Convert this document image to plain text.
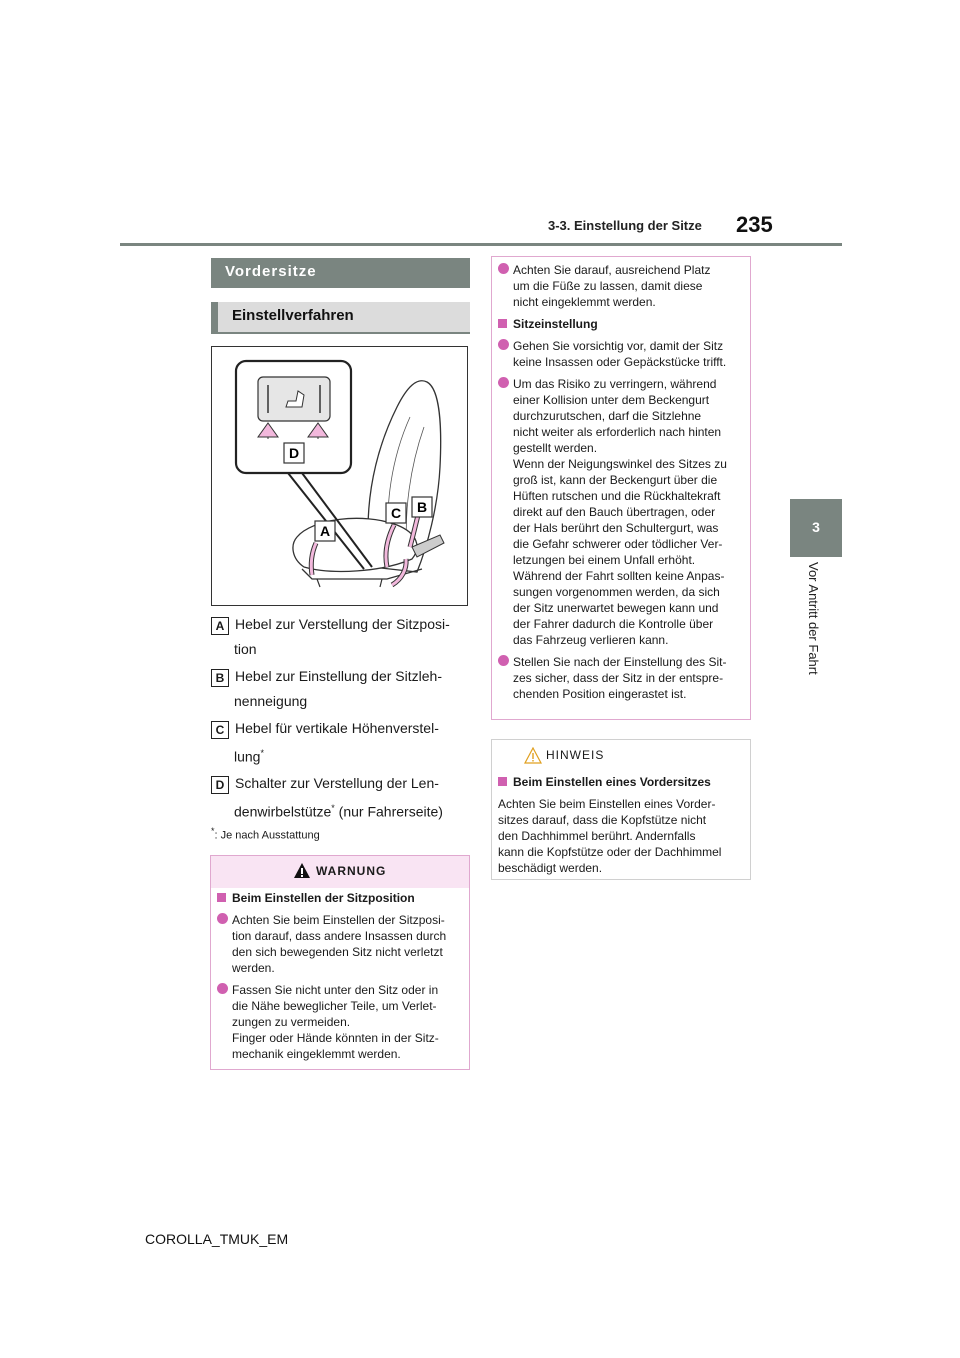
3-3. Einstellung der Sitze 235
3
Vor Antritt der Fahrt
Vordersitze
Einstellverfahren
D
A
C B
A Hebel zur Verstellung der Sitzposi-
tion
B Hebel zur Einstellung der Sitzleh-
nenneigung
C Hebel für vertikale Höhenverstel-
lung*
D Schalter zur Verstellung der Len-
denwirbelstütze* (nur Fahrerseite)
*: Je nach Ausstattung
WARNUNG
Beim Einstellen der Sitzposition
Achten Sie beim Einstellen der Sitzposi-
tion darauf, dass andere Insassen durch
den sich bewegenden Sitz nicht verletzt
werden.
Fassen Sie nicht unter den Sitz oder in
die Nähe beweglicher Teile, um Verlet-
zungen zu vermeiden.
Finger oder Hände könnten in der Sitz-
mechanik eingeklemmt werden.
Achten Sie darauf, ausreichend Platz
um die Füße zu lassen, damit diese
nicht eingeklemmt werden.
Sitzeinstellung
Gehen Sie vorsichtig vor, damit der Sitz
keine Insassen oder Gepäckstücke trifft.
Um das Risiko zu verringern, während
einer Kollision unter dem Beckengurt
durchzurutschen, darf die Sitzlehne
nicht weiter als erforderlich nach hinten
gestellt werden.
Wenn der Neigungswinkel des Sitzes zu
groß ist, kann der Beckengurt über die
Hüften rutschen und die Rückhaltekraft
direkt auf den Bauch übertragen, oder
der Hals berührt den Schultergurt, was
die Gefahr schwerer oder tödlicher Ver-
letzungen bei einem Unfall erhöht.
Während der Fahrt sollten keine Anpas-
sungen vorgenommen werden, da sich
der Sitz unerwartet bewegen kann und
der Fahrer dadurch die Kontrolle über
das Fahrzeug verlieren kann.
Stellen Sie nach der Einstellung des Sit-
zes sicher, dass der Sitz in der entspre-
chenden Position eingerastet ist.
HINWEIS
Beim Einstellen eines Vordersitzes
Achten Sie beim Einstellen eines Vorder-
sitzes darauf, dass die Kopfstütze nicht
den Dachhimmel berührt. Andernfalls
kann die Kopfstütze oder der Dachhimmel
beschädigt werden.
COROLLA_TMUK_EM
